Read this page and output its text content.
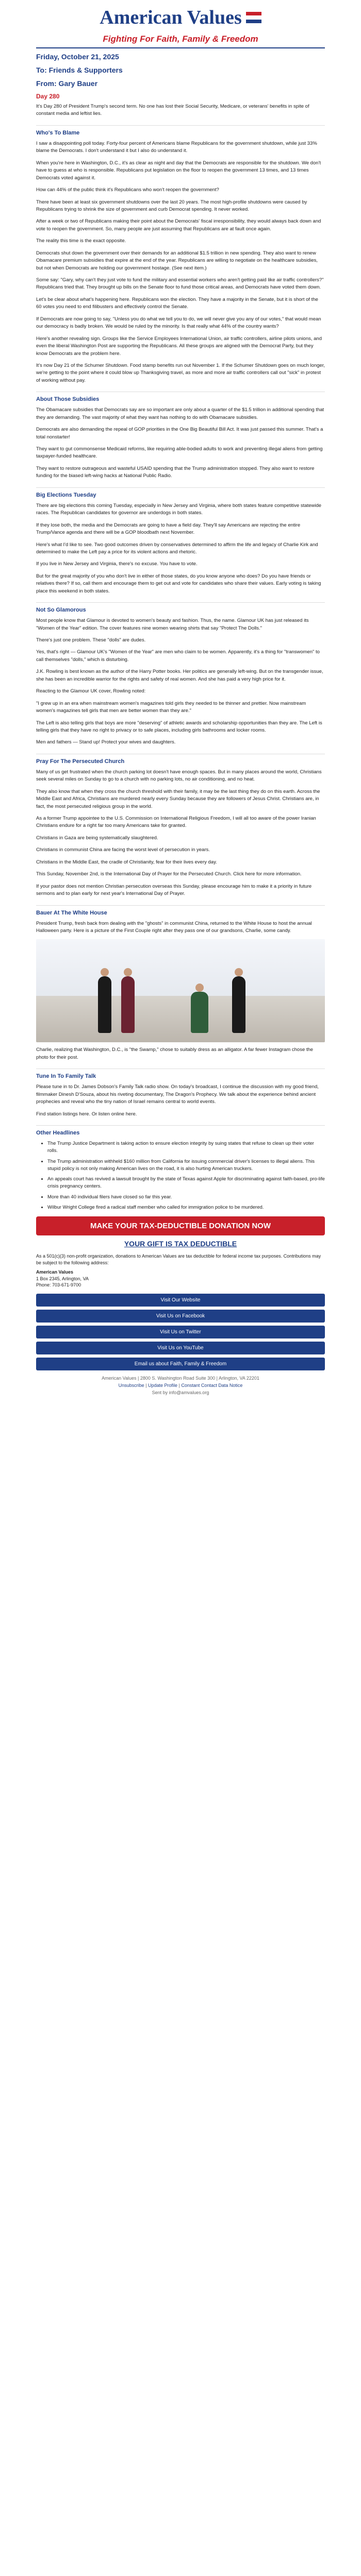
American Values
Fighting For Faith, Family & Freedom
Friday, October 21, 2025
To: Friends & Supporters
From: Gary Bauer
Day 280

It's Day 280 of President Trump's second term. No one has lost their Social Security, Medicare, or veterans' benefits in spite of constant media and leftist lies.

Who's To Blame

I saw a disappointing poll today. Forty-four percent of Americans blame Republicans for the government shutdown, while just 33% blame the Democrats. I don't understand it but I also do understand it.

When you're here in Washington, D.C., it's as clear as night and day that the Democrats are responsible for the shutdown. We don't have to guess at who is responsible. Republicans put legislation on the floor to reopen the government 13 times, and 13 times Democrats voted against it.

How can 44% of the public think it's Republicans who won't reopen the government?

There have been at least six government shutdowns over the last 20 years. The most high-profile shutdowns were caused by Republicans trying to shrink the size of government and curb Democrat spending. It never worked.

After a week or two of Republicans making their point about the Democrats' fiscal irresponsibility, they would always back down and vote to reopen the government. So, many people are just assuming that Republicans are at fault once again.

The reality this time is the exact opposite.

Democrats shut down the government over their demands for an additional $1.5 trillion in new spending. They also want to renew Obamacare premium subsidies that expire at the end of the year. Republicans are willing to negotiate on the healthcare subsidies, but not when Democrats are holding our government hostage. (See next item.)

Some say: "Gary, why can't they just vote to fund the military and essential workers who aren't getting paid like air traffic controllers?" Republicans tried that. They brought up bills on the Senate floor to fund those critical areas, and Democrats have voted them down.

Let's be clear about what's happening here. Republicans won the election. They have a majority in the Senate, but it is short of the 60 votes you need to end filibusters and effectively control the Senate.

If Democrats are now going to say, "Unless you do what we tell you to do, we will never give you any of our votes," that would mean our democracy is badly broken. We would be ruled by the minority. Is that really what 44% of the country wants?

Here's another revealing sign. Groups like the Service Employees International Union, air traffic controllers, airline pilots unions, and even the liberal Washington Post are supporting the Republicans. All these groups are aligned with the Democrat Party, but they know Democrats are the problem here.

It's now Day 21 of the Schumer Shutdown. Food stamp benefits run out November 1. If the Schumer Shutdown goes on much longer, we're getting to the point where it could blow up Thanksgiving travel, as more and more air traffic controllers call out "sick" in protest of working without pay.

About Those Subsidies

The Obamacare subsidies that Democrats say are so important are only about a quarter of the $1.5 trillion in additional spending that they are demanding. The vast majority of what they want has nothing to do with Obamacare subsidies.

Democrats are also demanding the repeal of GOP priorities in the One Big Beautiful Bill Act. It was just passed this summer. That's a total nonstarter!

They want to gut commonsense Medicaid reforms, like requiring able-bodied adults to work and preventing illegal aliens from getting taxpayer-funded healthcare.

They want to restore outrageous and wasteful USAID spending that the Trump administration stopped. They also want to restore funding for the biased left-wing hacks at National Public Radio.

Big Elections Tuesday

There are big elections this coming Tuesday, especially in New Jersey and Virginia, where both states feature competitive statewide races. The Republican candidates for governor are underdogs in both states.

If they lose both, the media and the Democrats are going to have a field day. They'll say Americans are rejecting the entire Trump/Vance agenda and there will be a GOP bloodbath next November.

Here's what I'd like to see. Two good outcomes driven by conservatives determined to affirm the life and legacy of Charlie Kirk and determined to make the Left pay a price for its violent actions and rhetoric.

If you live in New Jersey and Virginia, there's no excuse. You have to vote.

But for the great majority of you who don't live in either of those states, do you know anyone who does? Do you have friends or relatives there? If so, call them and encourage them to get out and vote for candidates who share their values. Early voting is taking place this weekend in both states.

Not So Glamorous

Most people know that Glamour is devoted to women's beauty and fashion. Thus, the name. Glamour UK has just released its "Women of the Year" edition. The cover features nine women wearing shirts that say "Protect The Dolls."

There's just one problem. These "dolls" are dudes.

Yes, that's right — Glamour UK's "Women of the Year" are men who claim to be women. Apparently, it's a thing for "transwomen" to call themselves "dolls," which is disturbing.

J.K. Rowling is best known as the author of the Harry Potter books. Her politics are generally left-wing. But on the transgender issue, she has been an incredible warrior for the rights and safety of real women. And she has paid a very high price for it.

Reacting to the Glamour UK cover, Rowling noted:

"I grew up in an era when mainstream women's magazines told girls they needed to be thinner and prettier. Now mainstream women's magazines tell girls that men are better women than they are."

The Left is also telling girls that boys are more "deserving" of athletic awards and scholarship opportunities than they are. The Left is telling girls that they have no right to privacy or to safe places, including girls bathrooms and locker rooms.

Men and fathers — Stand up! Protect your wives and daughters.

Pray For The Persecuted Church

Many of us get frustrated when the church parking lot doesn't have enough spaces. But in many places around the world, Christians seek several miles on Sunday to go to a church with no parking lots, no air conditioning, and no heat.

They also know that when they cross the church threshold with their family, it may be the last thing they do on this earth. Across the Middle East and Africa, Christians are murdered nearly every Sunday because they are followers of Jesus Christ. Christians are, in fact, the most persecuted religious group in the world.

As a former Trump appointee to the U.S. Commission on International Religious Freedom, I will all too aware of the power Iranian Christians endure for a right far too many Americans take for granted.

Christians in Gaza are being systematically slaughtered.

Christians in communist China are facing the worst level of persecution in years.

Christians in the Middle East, the cradle of Christianity, fear for their lives every day.

This Sunday, November 2nd, is the International Day of Prayer for the Persecuted Church. Click here for more information.

If your pastor does not mention Christian persecution overseas this Sunday, please encourage him to make it a priority in future sermons and to plan early for next year's International Day of Prayer.

Bauer At The White House

President Trump, fresh back from dealing with the "ghosts" in communist China, returned to the White House to host the annual Halloween party. Here is a picture of the First Couple right after they pass one of our grandsons, Charlie, some candy.

Charlie, realizing that Washington, D.C., is "the Swamp," chose to suitably dress as an alligator. A far fewer Instagram chose the photo for their post.

Tune In To Family Talk

Please tune in to Dr. James Dobson's Family Talk radio show. On today's broadcast, I continue the discussion with my good friend, filmmaker Dinesh D'Souza, about his riveting documentary, The Dragon's Prophecy. We talk about the experience behind ancient prophecies and reveal who the tiny nation of Israel remains central to world events.

Find station listings here. Or listen online here.

Other Headlines
• The Trump Justice Department is taking action to ensure election integrity by suing states that refuse to clean up their voter rolls.
• The Trump administration withheld $160 million from California for issuing commercial driver's licenses to illegal aliens. This stupid policy is not only making American lives on the road, it is also hurting American truckers.
• An appeals court has revived a lawsuit brought by the state of Texas against Apple for discriminating against faith-based, pro-life crisis pregnancy centers.
• More than 40 individual filers have closed so far this year.
• Wilbur Wright College fired a radical staff member who called for immigration police to be murdered.
MAKE YOUR TAX-DEDUCTIBLE DONATION NOW
YOUR GIFT IS TAX DEDUCTIBLE
As a 501(c)(3) non-profit organization, donations to American Values are tax deductible for federal income tax purposes. Contributions may be subject to the following address:
American Values
1 Box 2345, Arlington, VA
Phone: 703-671-9700
Visit Our Website
Visit Us on Facebook
Visit Us on Twitter
Visit Us on YouTube
Email us about Faith, Family & Freedom
American Values | 2800 S. Washington Road Suite 300 | Arlington, VA 22201
Unsubscribe | Update Profile | Constant Contact Data Notice
Sent by info@amvalues.org
